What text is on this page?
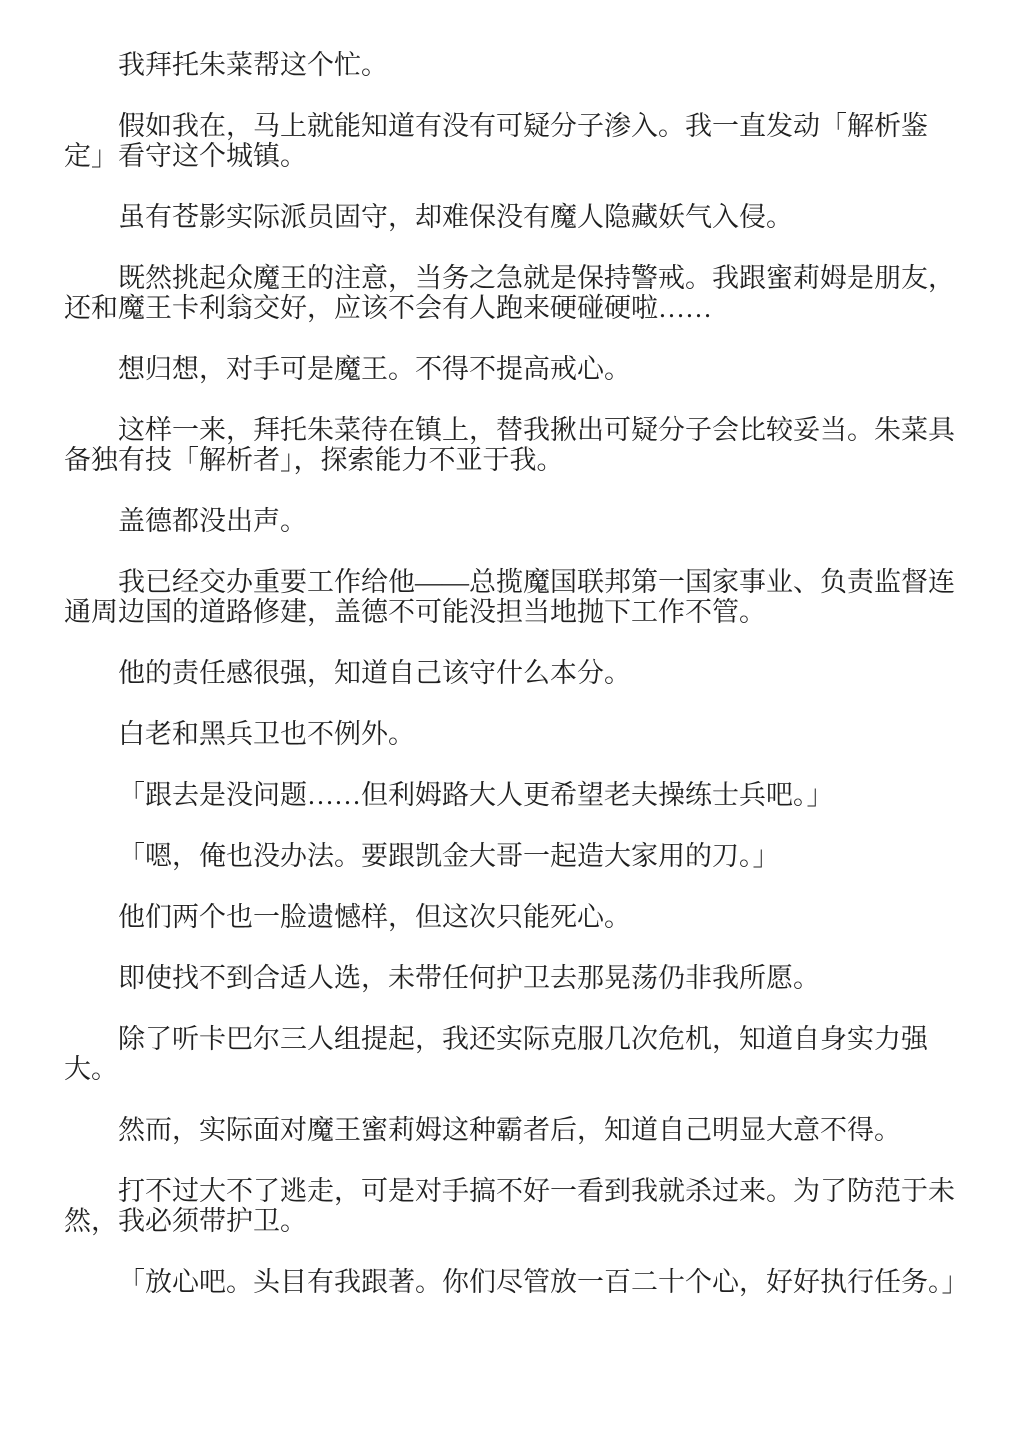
我拜托朱菜帮这个忙。

假如我在，马上就能知道有没有可疑分子渗入。我一直发动「解析鉴定」看守这个城镇。

虽有苍影实际派员固守，却难保没有魔人隐藏妖气入侵。

既然挑起众魔王的注意，当务之急就是保持警戒。我跟蜜莉姆是朋友，还和魔王卡利翁交好，应该不会有人跑来硬碰硬啦……

想归想，对手可是魔王。不得不提高戒心。

这样一来，拜托朱菜待在镇上，替我揪出可疑分子会比较妥当。朱菜具备独有技「解析者」，探索能力不亚于我。

盖德都没出声。

我已经交办重要工作给他——总揽魔国联邦第一国家事业、负责监督连通周边国的道路修建，盖德不可能没担当地抛下工作不管。

他的责任感很强，知道自己该守什么本分。

白老和黑兵卫也不例外。

「跟去是没问题……但利姆路大人更希望老夫操练士兵吧。」

「嗯，俺也没办法。要跟凯金大哥一起造大家用的刀。」

他们两个也一脸遗憾样，但这次只能死心。

即使找不到合适人选，未带任何护卫去那晃荡仍非我所愿。

除了听卡巴尔三人组提起，我还实际克服几次危机，知道自身实力强大。

然而，实际面对魔王蜜莉姆这种霸者后，知道自己明显大意不得。

打不过大不了逃走，可是对手搞不好一看到我就杀过来。为了防范于未然，我必须带护卫。

「放心吧。头目有我跟著。你们尽管放一百二十个心，好好执行任务。」
